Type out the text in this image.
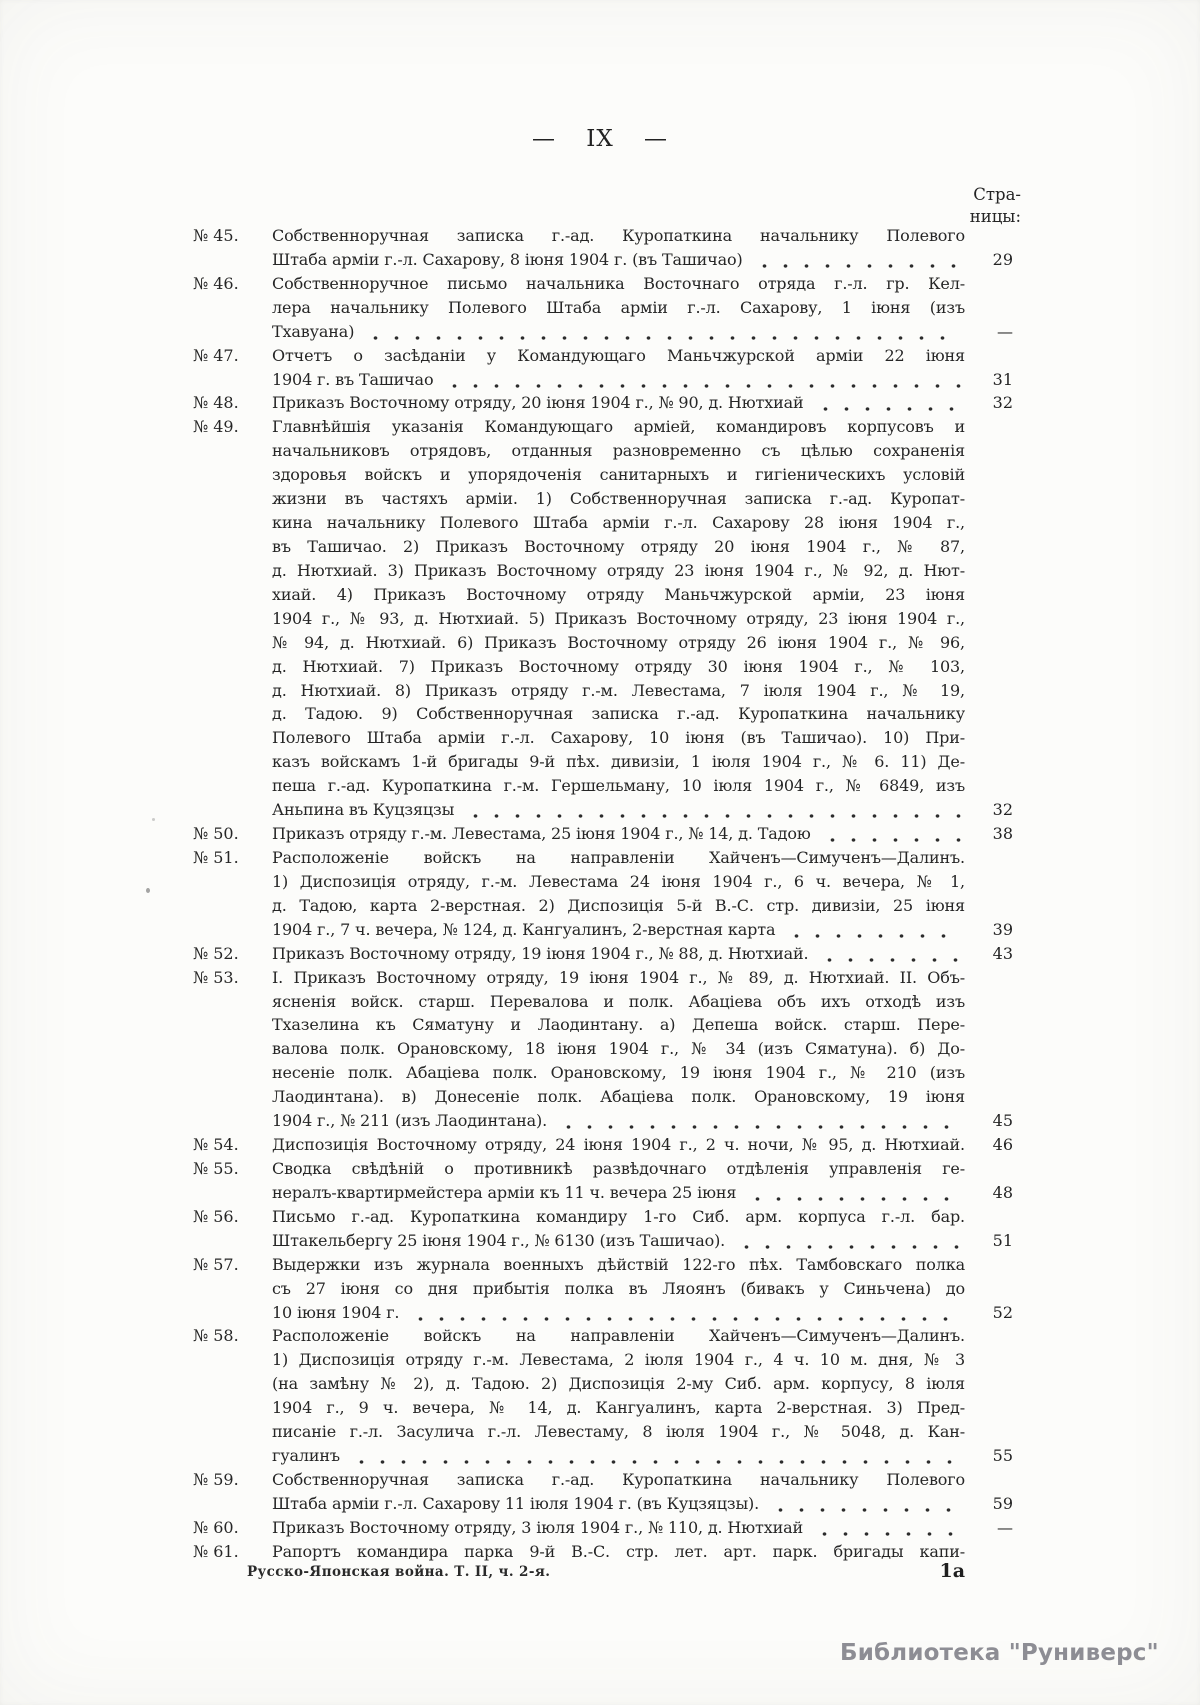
— IX —
Стра-
ницы:
№ 45.	Собственноручная записка г.-ад. Куропаткина начальнику Полевого
Штаба арміи г.-л. Сахарову, 8 іюня 1904 г. (въ Ташичао)	29
№ 46.	Собственноручное письмо начальника Восточнаго отряда г.-л. гр. Кел-
лера начальнику Полевого Штаба арміи г.-л. Сахарову, 1 іюня (изъ
Тхавуана)	—
№ 47.	Отчетъ о засѣданіи у Командующаго Маньчжурской арміи 22 іюня
1904 г. въ Ташичао	31
№ 48.	Приказъ Восточному отряду, 20 іюня 1904 г., № 90, д. Нютхиай	32
№ 49.	Главнѣйшія указанія Командующаго арміей, командировъ корпусовъ и
начальниковъ отрядовъ, отданныя разновременно съ цѣлью сохраненія
здоровья войскъ и упорядоченія санитарныхъ и гигіеническихъ условій
жизни въ частяхъ арміи. 1) Собственноручная записка г.-ад. Куропат-
кина начальнику Полевого Штаба арміи г.-л. Сахарову 28 іюня 1904 г.,
въ Ташичао. 2) Приказъ Восточному отряду 20 іюня 1904 г., № 87,
д. Нютхиай. 3) Приказъ Восточному отряду 23 іюня 1904 г., № 92, д. Нют-
хиай. 4) Приказъ Восточному отряду Маньчжурской арміи, 23 іюня
1904 г., № 93, д. Нютхиай. 5) Приказъ Восточному отряду, 23 іюня 1904 г.,
№ 94, д. Нютхиай. 6) Приказъ Восточному отряду 26 іюня 1904 г., № 96,
д. Нютхиай. 7) Приказъ Восточному отряду 30 іюня 1904 г., № 103,
д. Нютхиай. 8) Приказъ отряду г.-м. Левестама, 7 іюля 1904 г., № 19,
д. Тадою. 9) Собственноручная записка г.-ад. Куропаткина начальнику
Полевого Штаба арміи г.-л. Сахарову, 10 іюня (въ Ташичао). 10) При-
казъ войскамъ 1-й бригады 9-й пѣх. дивизіи, 1 іюля 1904 г., № 6. 11) Де-
пеша г.-ад. Куропаткина г.-м. Гершельману, 10 іюля 1904 г., № 6849, изъ
Аньпина въ Куцзяцзы	32
№ 50.	Приказъ отряду г.-м. Левестама, 25 іюня 1904 г., № 14, д. Тадою	38
№ 51.	Расположеніе войскъ на направленіи Хайченъ—Симученъ—Далинъ.
1) Диспозиція отряду, г.-м. Левестама 24 іюня 1904 г., 6 ч. вечера, № 1,
д. Тадою, карта 2-верстная. 2) Диспозиція 5-й В.-С. стр. дивизіи, 25 іюня
1904 г., 7 ч. вечера, № 124, д. Кангуалинъ, 2-верстная карта	39
№ 52.	Приказъ Восточному отряду, 19 іюня 1904 г., № 88, д. Нютхиай.	43
№ 53.	I. Приказъ Восточному отряду, 19 іюня 1904 г., № 89, д. Нютхиай. II. Объ-
ясненія войск. старш. Перевалова и полк. Абаціева объ ихъ отходѣ изъ
Тхазелина къ Сяматуну и Лаодинтану. а) Депеша войск. старш. Пере-
валова полк. Орановскому, 18 іюня 1904 г., № 34 (изъ Сяматуна). б) До-
несеніе полк. Абаціева полк. Орановскому, 19 іюня 1904 г., № 210 (изъ
Лаодинтана). в) Донесеніе полк. Абаціева полк. Орановскому, 19 іюня
1904 г., № 211 (изъ Лаодинтана).	45
№ 54.	Диспозиція Восточному отряду, 24 іюня 1904 г., 2 ч. ночи, № 95, д. Нютхиай.	46
№ 55.	Сводка свѣдѣній о противникѣ развѣдочнаго отдѣленія управленія ге-
нералъ-квартирмейстера арміи къ 11 ч. вечера 25 іюня	48
№ 56.	Письмо г.-ад. Куропаткина командиру 1-го Сиб. арм. корпуса г.-л. бар.
Штакельбергу 25 іюня 1904 г., № 6130 (изъ Ташичао).	51
№ 57.	Выдержки изъ журнала военныхъ дѣйствій 122-го пѣх. Тамбовскаго полка
съ 27 іюня со дня прибытія полка въ Ляоянъ (бивакъ у Синьчена) до
10 іюня 1904 г.	52
№ 58.	Расположеніе войскъ на направленіи Хайченъ—Симученъ—Далинъ.
1) Диспозиція отряду г.-м. Левестама, 2 іюля 1904 г., 4 ч. 10 м. дня, № 3
(на замѣну № 2), д. Тадою. 2) Диспозиція 2-му Сиб. арм. корпусу, 8 іюля
1904 г., 9 ч. вечера, № 14, д. Кангуалинъ, карта 2-верстная. 3) Пред-
писаніе г.-л. Засулича г.-л. Левестаму, 8 іюля 1904 г., № 5048, д. Кан-
гуалинъ	55
№ 59.	Собственноручная записка г.-ад. Куропаткина начальнику Полевого
Штаба арміи г.-л. Сахарову 11 іюля 1904 г. (въ Куцзяцзы).	59
№ 60.	Приказъ Восточному отряду, 3 іюля 1904 г., № 110, д. Нютхиай	—
№ 61.	Рапортъ командира парка 9-й В.-С. стр. лет. арт. парк. бригады капи-
Русско-Японская война. Т. II, ч. 2-я.	1а
Библиотека "Руниверс"
